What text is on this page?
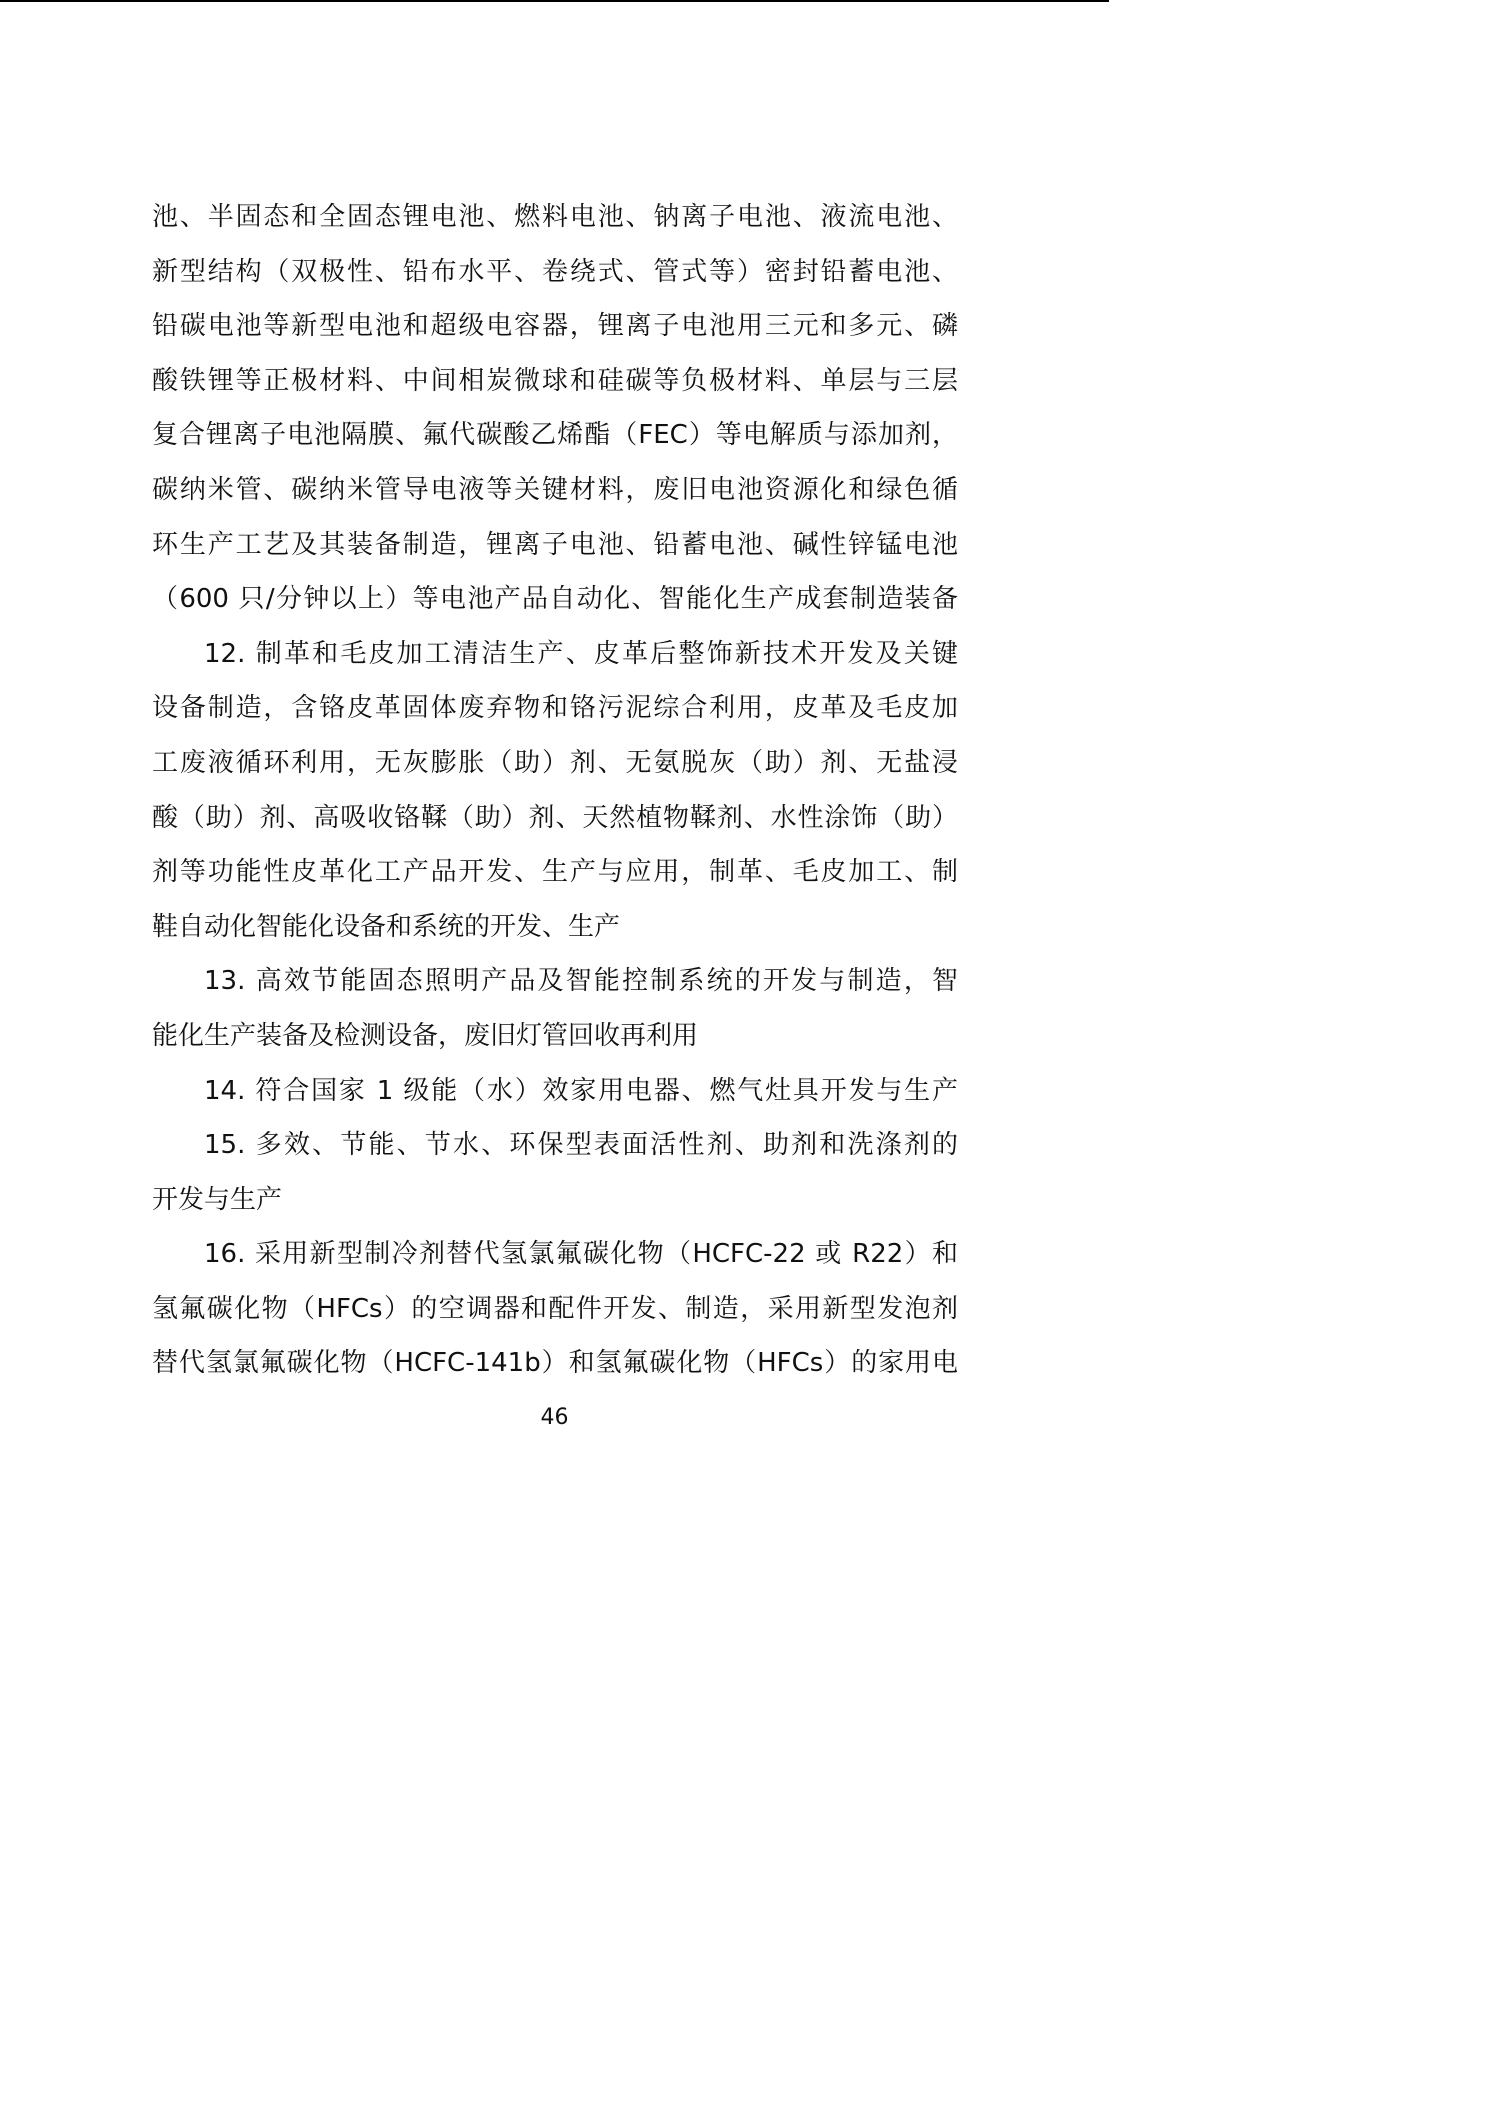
池、半固态和全固态锂电池、燃料电池、钠离子电池、液流电池、
新型结构（双极性、铅布水平、卷绕式、管式等）密封铅蓄电池、
铅碳电池等新型电池和超级电容器，锂离子电池用三元和多元、磷
酸铁锂等正极材料、中间相炭微球和硅碳等负极材料、单层与三层
复合锂离子电池隔膜、氟代碳酸乙烯酯（FEC）等电解质与添加剂，
碳纳米管、碳纳米管导电液等关键材料，废旧电池资源化和绿色循
环生产工艺及其装备制造，锂离子电池、铅蓄电池、碱性锌锰电池
（600 只/分钟以上）等电池产品自动化、智能化生产成套制造装备
12. 制革和毛皮加工清洁生产、皮革后整饰新技术开发及关键
设备制造，含铬皮革固体废弃物和铬污泥综合利用，皮革及毛皮加
工废液循环利用，无灰膨胀（助）剂、无氨脱灰（助）剂、无盐浸
酸（助）剂、高吸收铬鞣（助）剂、天然植物鞣剂、水性涂饰（助）
剂等功能性皮革化工产品开发、生产与应用，制革、毛皮加工、制
鞋自动化智能化设备和系统的开发、生产
13. 高效节能固态照明产品及智能控制系统的开发与制造，智
能化生产装备及检测设备，废旧灯管回收再利用
14. 符合国家 1 级能（水）效家用电器、燃气灶具开发与生产
15. 多效、节能、节水、环保型表面活性剂、助剂和洗涤剂的
开发与生产
16. 采用新型制冷剂替代氢氯氟碳化物（HCFC-22 或 R22）和
氢氟碳化物（HFCs）的空调器和配件开发、制造，采用新型发泡剂
替代氢氯氟碳化物（HCFC-141b）和氢氟碳化物（HFCs）的家用电
46
